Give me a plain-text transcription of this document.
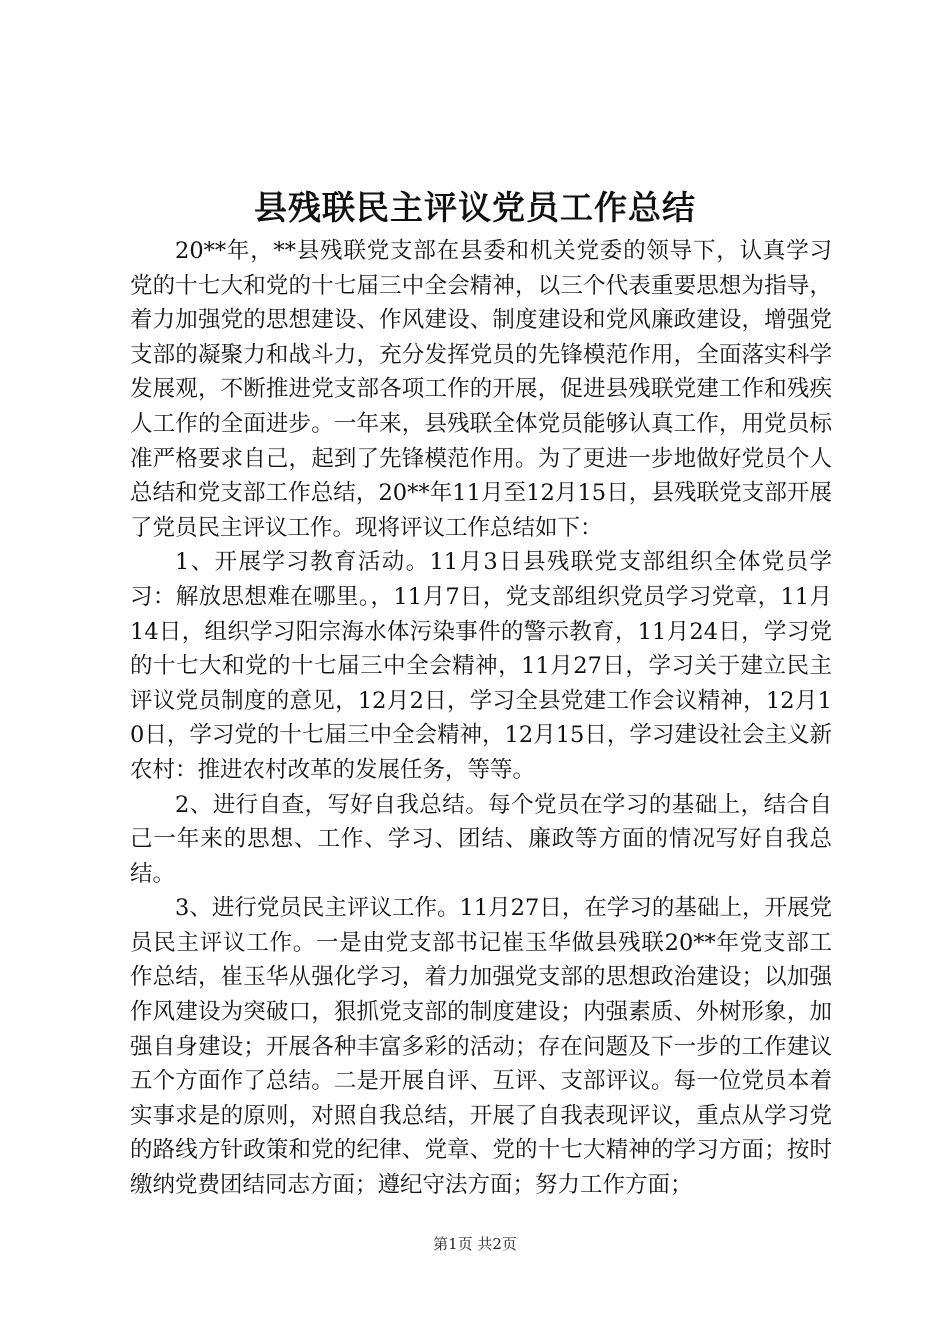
县残联民主评议党员工作总结

20**年，**县残联党支部在县委和机关党委的领导下，认真学习党的十七大和党的十七届三中全会精神，以三个代表重要思想为指导，着力加强党的思想建设、作风建设、制度建设和党风廉政建设，增强党支部的凝聚力和战斗力，充分发挥党员的先锋模范作用，全面落实科学发展观，不断推进党支部各项工作的开展，促进县残联党建工作和残疾人工作的全面进步。一年来，县残联全体党员能够认真工作，用党员标准严格要求自己，起到了先锋模范作用。为了更进一步地做好党员个人总结和党支部工作总结，20**年11月至12月15日，县残联党支部开展了党员民主评议工作。现将评议工作总结如下：

1、开展学习教育活动。11月3日县残联党支部组织全体党员学习：解放思想难在哪里。，11月7日，党支部组织党员学习党章，11月14日，组织学习阳宗海水体污染事件的警示教育，11月24日，学习党的十七大和党的十七届三中全会精神，11月27日，学习关于建立民主评议党员制度的意见，12月2日，学习全县党建工作会议精神，12月10日，学习党的十七届三中全会精神，12月15日，学习建设社会主义新农村：推进农村改革的发展任务，等等。

2、进行自查，写好自我总结。每个党员在学习的基础上，结合自己一年来的思想、工作、学习、团结、廉政等方面的情况写好自我总结。

3、进行党员民主评议工作。11月27日，在学习的基础上，开展党员民主评议工作。一是由党支部书记崔玉华做县残联20**年党支部工作总结，崔玉华从强化学习，着力加强党支部的思想政治建设；以加强作风建设为突破口，狠抓党支部的制度建设；内强素质、外树形象，加强自身建设；开展各种丰富多彩的活动；存在问题及下一步的工作建议五个方面作了总结。二是开展自评、互评、支部评议。每一位党员本着实事求是的原则，对照自我总结，开展了自我表现评议，重点从学习党的路线方针政策和党的纪律、党章、党的十七大精神的学习方面；按时缴纳党费团结同志方面；遵纪守法方面；努力工作方面；

第1页 共2页
